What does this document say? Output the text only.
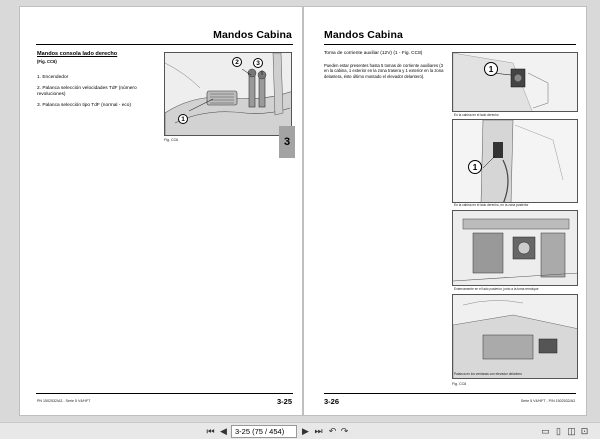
Mandos Cabina
Mandos consola lado derecho
(Fig. CC6)
1. Encendedor
2. Palanca selección velocidades TdF (número revoluciones)
3. Palanca selección tipo TdF (normal - eco)
1
2	3
Fig. CC6
PN 1502532/A3 - Serie 5 V4/HFT	3-25
3
Mandos Cabina
Toma de corriente auxiliar (12V) (1 - Fig. CC8)
Pueden estar presentes hasta 5 tomas de corriente auxiliares (3 en la cabina, 1 exterior en la zona trasera y 1 exterior en la zona delantera, éste último montado el elevador delantero).
1
En la cabina en el lado derecho
1
En la cabina en el lado derecho, en la zona posterior
Externamente en el lado posterior, junto a la toma remolque
Palanca en los ventanas con elevador delantero
Fig. CC8
3-26	Serie 5 V4/HFT - P/N 1502532/A3
⏮ ◀	3-25 (75 / 454)	▶ ⏭ ↶ ↷	▭ ▯ ◫ ⊡
